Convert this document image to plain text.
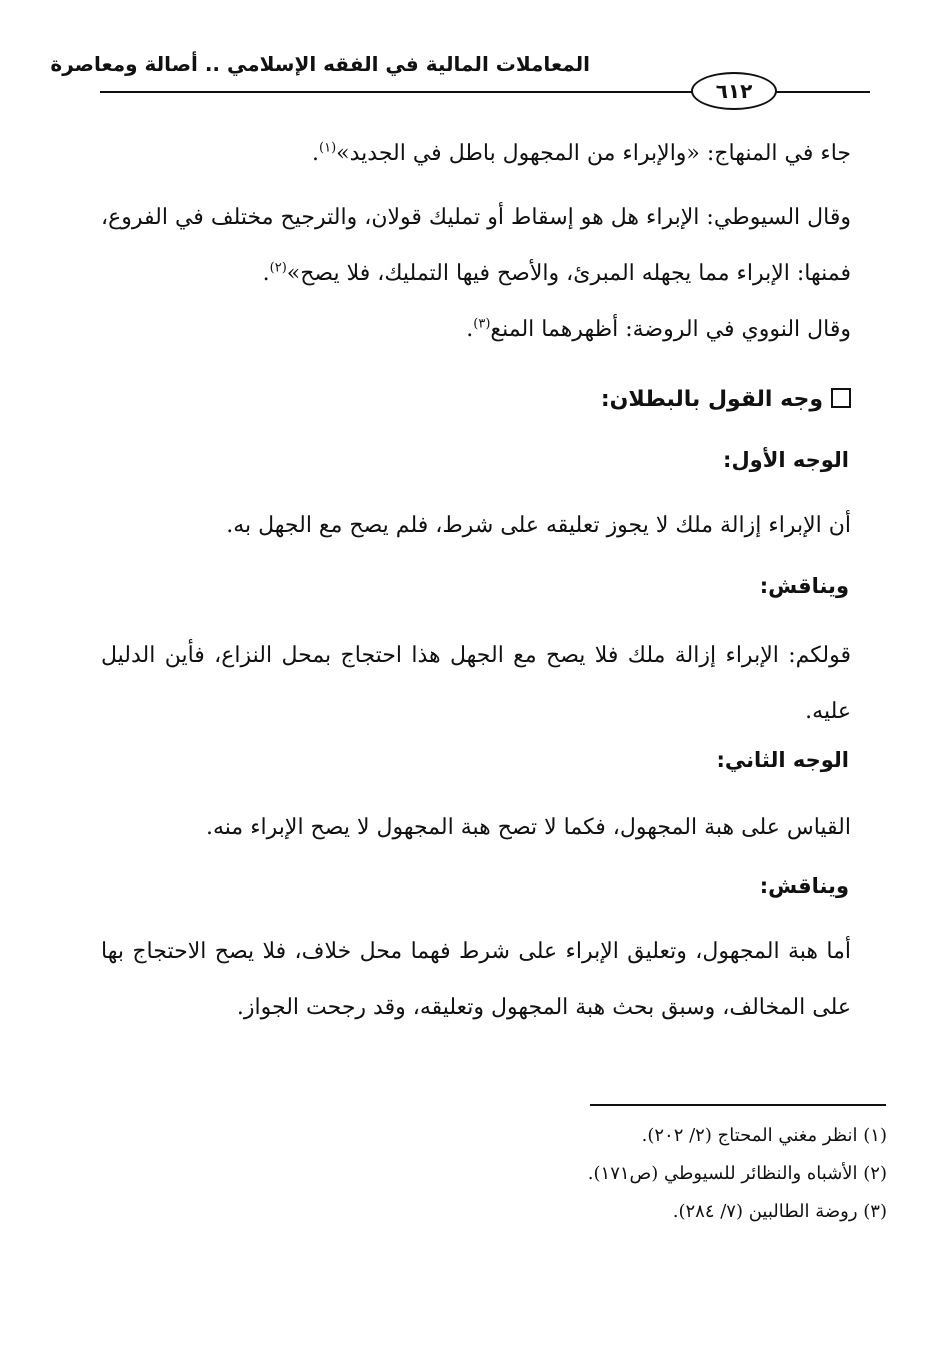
المعاملات المالية في الفقه الإسلامي .. أصالة ومعاصرة
٦١٢
جاء في المنهاج: «والإبراء من المجهول باطل في الجديد»$^{(١)}$.
وقال السيوطي: الإبراء هل هو إسقاط أو تمليك قولان، والترجيح مختلف في الفروع، فمنها: الإبراء مما يجهله المبرئ، والأصح فيها التمليك، فلا يصح»$^{(٢)}$.
وقال النووي في الروضة: أظهرهما المنع$^{(٣)}$.
وجه القول بالبطلان:
الوجه الأول:
أن الإبراء إزالة ملك لا يجوز تعليقه على شرط، فلم يصح مع الجهل به.
ويناقش:
قولكم: الإبراء إزالة ملك فلا يصح مع الجهل هذا احتجاج بمحل النزاع، فأين الدليل عليه.
الوجه الثاني:
القياس على هبة المجهول، فكما لا تصح هبة المجهول لا يصح الإبراء منه.
ويناقش:
أما هبة المجهول، وتعليق الإبراء على شرط فهما محل خلاف، فلا يصح الاحتجاج بها على المخالف، وسبق بحث هبة المجهول وتعليقه، وقد رجحت الجواز.
(١) انظر مغني المحتاج (٢/ ٢٠٢).
(٢) الأشباه والنظائر للسيوطي (ص١٧١).
(٣) روضة الطالبين (٧/ ٢٨٤).
